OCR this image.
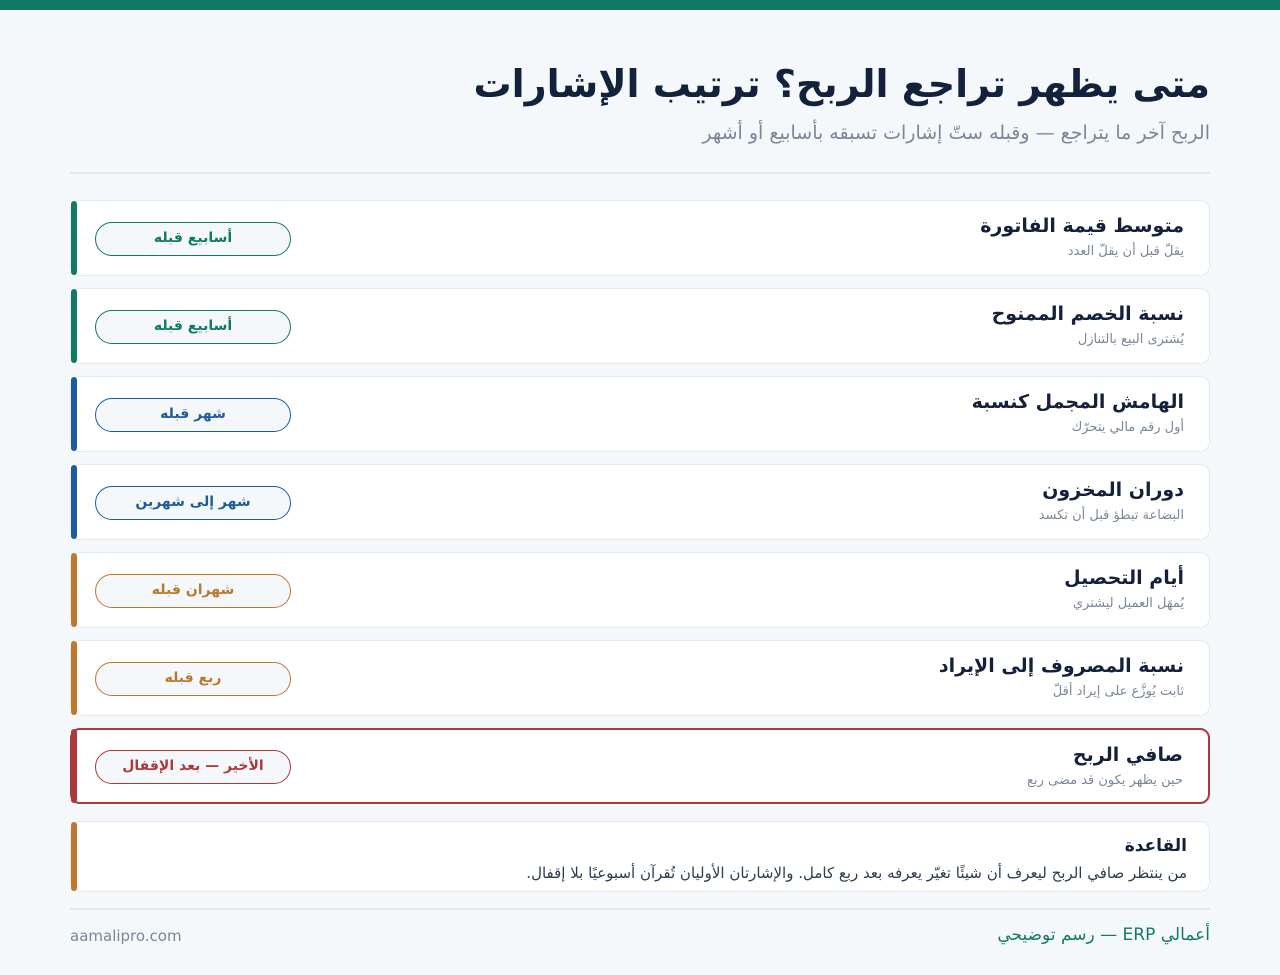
متى يظهر تراجع الربح؟ ترتيب الإشارات

الربح آخر ما يتراجع — وقبله ستّ إشارات تسبقه بأسابيع أو أشهر

متوسط قيمة الفاتورة
يقلّ قبل أن يقلّ العدد
أسابيع قبله
نسبة الخصم الممنوح
يُشترى البيع بالتنازل
أسابيع قبله
الهامش المجمل كنسبة
أول رقم مالي يتحرّك
شهر قبله
دوران المخزون
البضاعة تبطؤ قبل أن تكسد
شهر إلى شهرين
أيام التحصيل
يُمهَل العميل ليشتري
شهران قبله
نسبة المصروف إلى الإيراد
ثابت يُوزَّع على إيراد أقلّ
ربع قبله
صافي الربح
حين يظهر يكون قد مضى ربع
الأخير — بعد الإقفال
القاعدة
من ينتظر صافي الربح ليعرف أن شيئًا تغيّر يعرفه بعد ربع كامل. والإشارتان الأوليان تُقرآن أسبوعيًا بلا إقفال.
aamalipro.com	أعمالي ERP — رسم توضيحي
